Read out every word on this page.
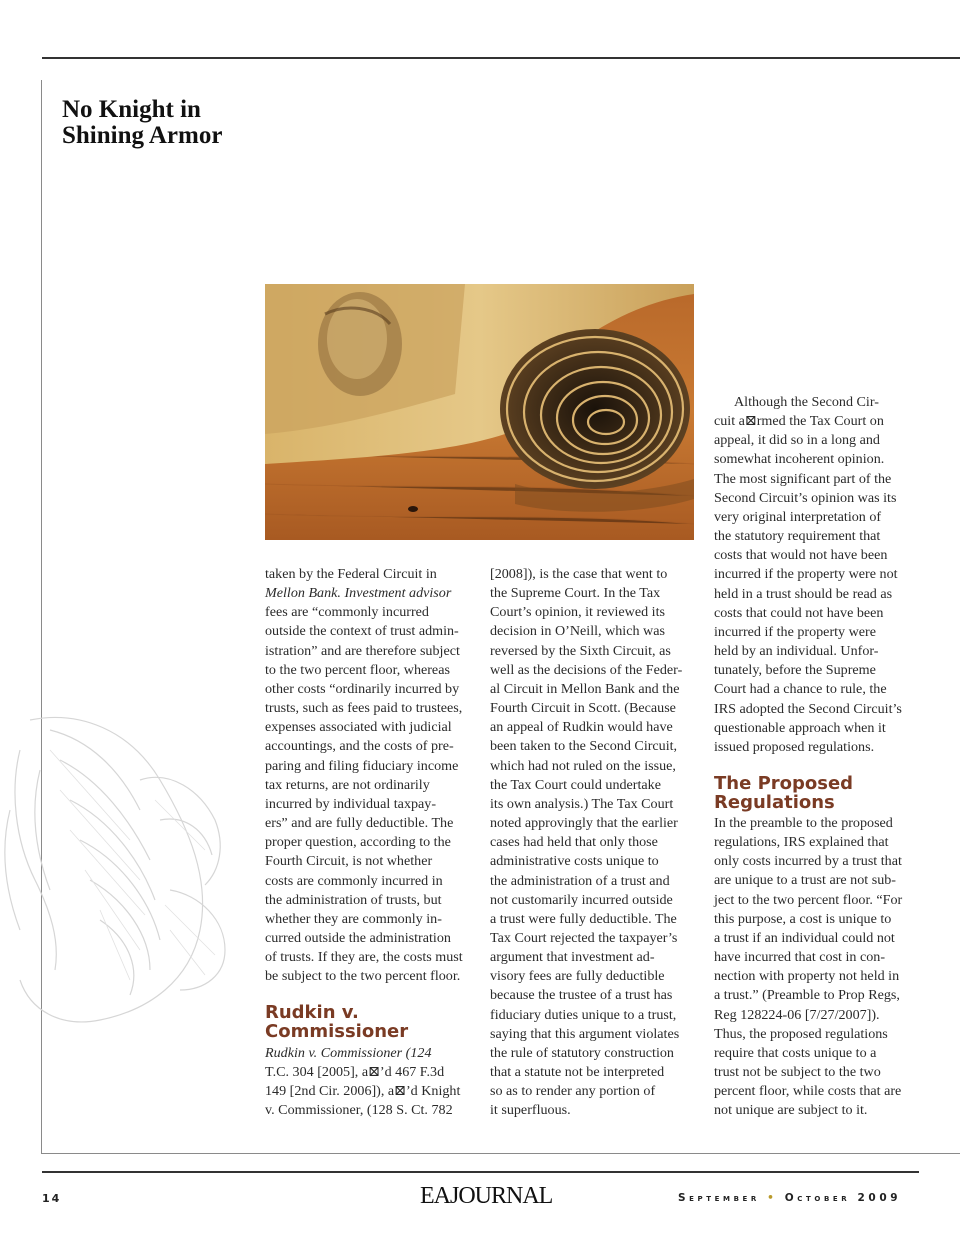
No Knight in
Shining Armor
taken by the Federal Circuit in
Mellon Bank. Investment advisor
fees are “commonly incurred
outside the context of trust admin-
istration” and are therefore subject
to the two percent floor, whereas
other costs “ordinarily incurred by
trusts, such as fees paid to trustees,
expenses associated with judicial
accountings, and the costs of pre-
paring and filing fiduciary income
tax returns, are not ordinarily
incurred by individual taxpay-
ers” and are fully deductible. The
proper question, according to the
Fourth Circuit, is not whether
costs are commonly incurred in
the administration of trusts, but
whether they are commonly in-
curred outside the administration
of trusts. If they are, the costs must
be subject to the two percent floor.
Rudkin v.
Commissioner
Rudkin v. Commissioner (124
T.C. 304 [2005], a⊠’d 467 F.3d
149 [2nd Cir. 2006]), a⊠’d Knight
v. Commissioner, (128 S. Ct. 782
[2008]), is the case that went to
the Supreme Court. In the Tax
Court’s opinion, it reviewed its
decision in O’Neill, which was
reversed by the Sixth Circuit, as
well as the decisions of the Feder-
al Circuit in Mellon Bank and the
Fourth Circuit in Scott. (Because
an appeal of Rudkin would have
been taken to the Second Circuit,
which had not ruled on the issue,
the Tax Court could undertake
its own analysis.) The Tax Court
noted approvingly that the earlier
cases had held that only those
administrative costs unique to
the administration of a trust and
not customarily incurred outside
a trust were fully deductible. The
Tax Court rejected the taxpayer’s
argument that investment ad-
visory fees are fully deductible
because the trustee of a trust has
fiduciary duties unique to a trust,
saying that this argument violates
the rule of statutory construction
that a statute not be interpreted
so as to render any portion of
it superfluous.
Although the Second Cir-
cuit a⊠rmed the Tax Court on
appeal, it did so in a long and
somewhat incoherent opinion.
The most significant part of the
Second Circuit’s opinion was its
very original interpretation of
the statutory requirement that
costs that would not have been
incurred if the property were not
held in a trust should be read as
costs that could not have been
incurred if the property were
held by an individual. Unfor-
tunately, before the Supreme
Court had a chance to rule, the
IRS adopted the Second Circuit’s
questionable approach when it
issued proposed regulations.
The Proposed
Regulations
In the preamble to the proposed
regulations, IRS explained that
only costs incurred by a trust that
are unique to a trust are not sub-
ject to the two percent floor. “For
this purpose, a cost is unique to
a trust if an individual could not
have incurred that cost in con-
nection with property not held in
a trust.” (Preamble to Prop Regs,
Reg 128224-06 [7/27/2007]).
Thus, the proposed regulations
require that costs unique to a
trust not be subject to the two
percent floor, while costs that are
not unique are subject to it.
14	EAJOURNAL	September • October 2009
